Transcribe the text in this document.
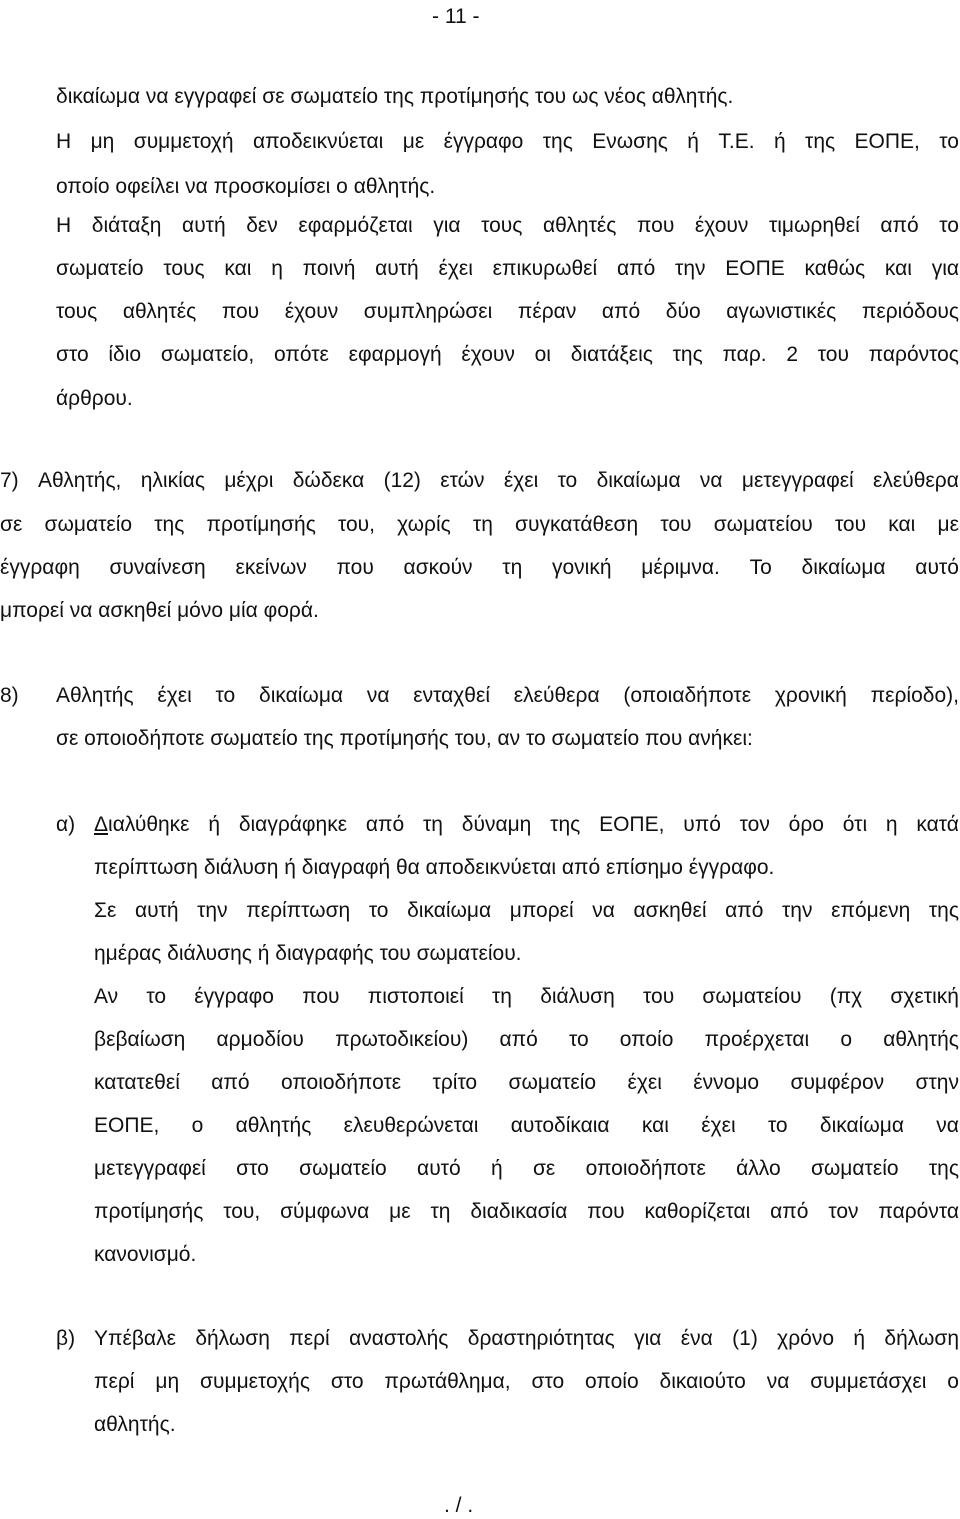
- 11 -
δικαίωμα να εγγραφεί σε σωματείο της προτίμησής του ως νέος αθλητής.
Η μη συμμετοχή αποδεικνύεται με έγγραφο της Ενωσης ή Τ.Ε. ή της ΕΟΠΕ, το
οποίο οφείλει να προσκομίσει ο αθλητής.
Η διάταξη αυτή δεν εφαρμόζεται για τους αθλητές που έχουν τιμωρηθεί από το
σωματείο τους και η ποινή αυτή έχει επικυρωθεί από την ΕΟΠΕ καθώς και για
τους αθλητές που έχουν συμπληρώσει πέραν από δύο αγωνιστικές περιόδους
στο ίδιο σωματείο, οπότε εφαρμογή έχουν οι διατάξεις της παρ. 2 του παρόντος
άρθρου.
7) Αθλητής, ηλικίας μέχρι δώδεκα (12) ετών έχει το δικαίωμα να μετεγγραφεί ελεύθερα
σε σωματείο της προτίμησής του, χωρίς τη συγκατάθεση του σωματείου του και με
έγγραφη συναίνεση εκείνων που ασκούν τη γονική μέριμνα. Το δικαίωμα αυτό
μπορεί να ασκηθεί μόνο μία φορά.
8) Αθλητής έχει το δικαίωμα να ενταχθεί ελεύθερα (οποιαδήποτε χρονική περίοδο),
σε οποιοδήποτε σωματείο της προτίμησής του, αν το σωματείο που ανήκει:
α) Διαλύθηκε ή διαγράφηκε από τη δύναμη της ΕΟΠΕ, υπό τον όρο ότι η κατά
περίπτωση διάλυση ή διαγραφή θα αποδεικνύεται από επίσημο έγγραφο.
Σε αυτή την περίπτωση το δικαίωμα μπορεί να ασκηθεί από την επόμενη της
ημέρας διάλυσης ή διαγραφής του σωματείου.
Αν το έγγραφο που πιστοποιεί τη διάλυση του σωματείου (πχ σχετική
βεβαίωση αρμοδίου πρωτοδικείου) από το οποίο προέρχεται ο αθλητής
κατατεθεί από οποιοδήποτε τρίτο σωματείο έχει έννομο συμφέρον στην
ΕΟΠΕ, ο αθλητής ελευθερώνεται αυτοδίκαια και έχει το δικαίωμα να
μετεγγραφεί στο σωματείο αυτό ή σε οποιοδήποτε άλλο σωματείο της
προτίμησής του, σύμφωνα με τη διαδικασία που καθορίζεται από τον παρόντα
κανονισμό.
β) Υπέβαλε δήλωση περί αναστολής δραστηριότητας για ένα (1) χρόνο ή δήλωση
περί μη συμμετοχής στο πρωτάθλημα, στο οποίο δικαιούτο να συμμετάσχει ο
αθλητής.
. / .
